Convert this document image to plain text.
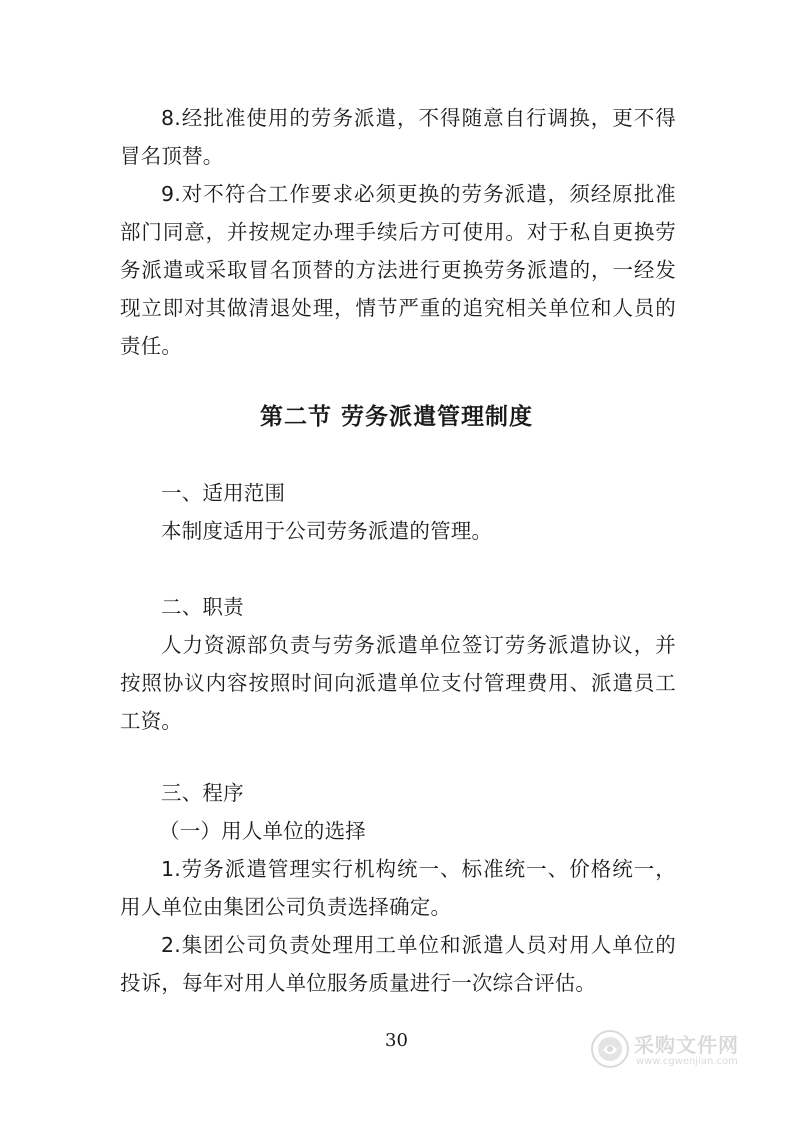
8.经批准使用的劳务派遣，不得随意自行调换，更不得冒名顶替。

9.对不符合工作要求必须更换的劳务派遣，须经原批准部门同意，并按规定办理手续后方可使用。对于私自更换劳务派遣或采取冒名顶替的方法进行更换劳务派遣的，一经发现立即对其做清退处理，情节严重的追究相关单位和人员的责任。

第二节 劳务派遣管理制度

一、适用范围

本制度适用于公司劳务派遣的管理。

二、职责

人力资源部负责与劳务派遣单位签订劳务派遣协议，并按照协议内容按照时间向派遣单位支付管理费用、派遣员工工资。

三、程序

（一）用人单位的选择

1.劳务派遣管理实行机构统一、标准统一、价格统一，用人单位由集团公司负责选择确定。

2.集团公司负责处理用工单位和派遣人员对用人单位的投诉，每年对用人单位服务质量进行一次综合评估。

30	采购文件网
www.cgwenjian.com
